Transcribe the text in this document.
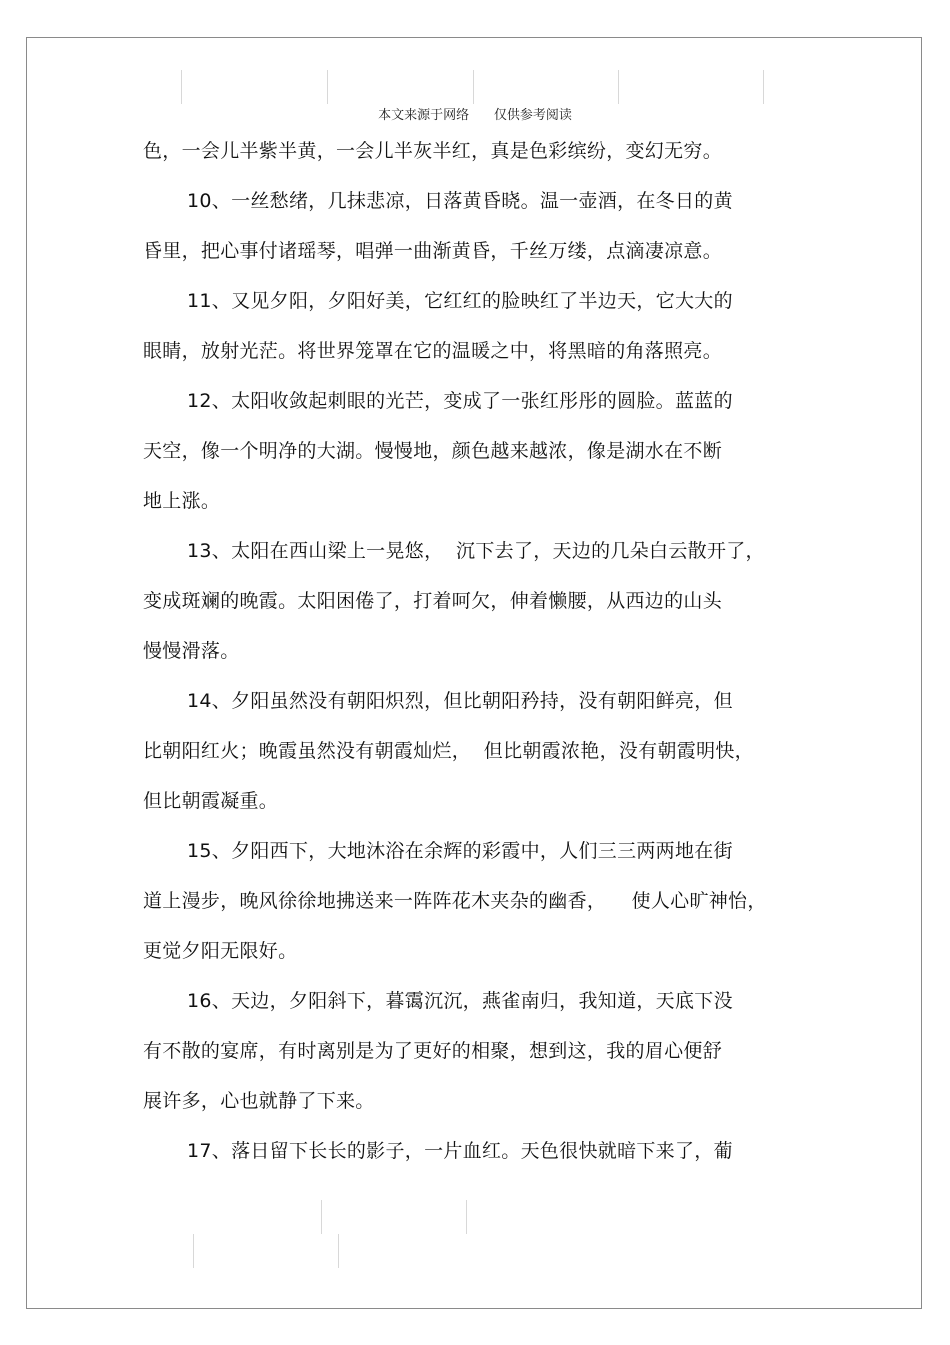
本文来源于网络      仅供参考阅读
色，一会儿半紫半黄，一会儿半灰半红，真是色彩缤纷，变幻无穷。
10、一丝愁绪，几抹悲凉，日落黄昏晓。温一壶酒，在冬日的黄
昏里，把心事付诸瑶琴，唱弹一曲渐黄昏，千丝万缕，点滴凄凉意。
11、又见夕阳，夕阳好美，它红红的脸映红了半边天，它大大的
眼睛，放射光茫。将世界笼罩在它的温暖之中，将黑暗的角落照亮。
12、太阳收敛起刺眼的光芒，变成了一张红彤彤的圆脸。蓝蓝的
天空，像一个明净的大湖。慢慢地，颜色越来越浓，像是湖水在不断
地上涨。
13、太阳在西山梁上一晃悠，  沉下去了，天边的几朵白云散开了，
变成斑斓的晚霞。太阳困倦了，打着呵欠，伸着懒腰，从西边的山头
慢慢滑落。
14、夕阳虽然没有朝阳炽烈，但比朝阳矜持，没有朝阳鲜亮，但
比朝阳红火；晚霞虽然没有朝霞灿烂，  但比朝霞浓艳，没有朝霞明快，
但比朝霞凝重。
15、夕阳西下，大地沐浴在余辉的彩霞中，人们三三两两地在街
道上漫步，晚风徐徐地拂送来一阵阵花木夹杂的幽香，    使人心旷神怡，
更觉夕阳无限好。
16、天边，夕阳斜下，暮霭沉沉，燕雀南归，我知道，天底下没
有不散的宴席，有时离别是为了更好的相聚，想到这，我的眉心便舒
展许多，心也就静了下来。
17、落日留下长长的影子，一片血红。天色很快就暗下来了，葡
